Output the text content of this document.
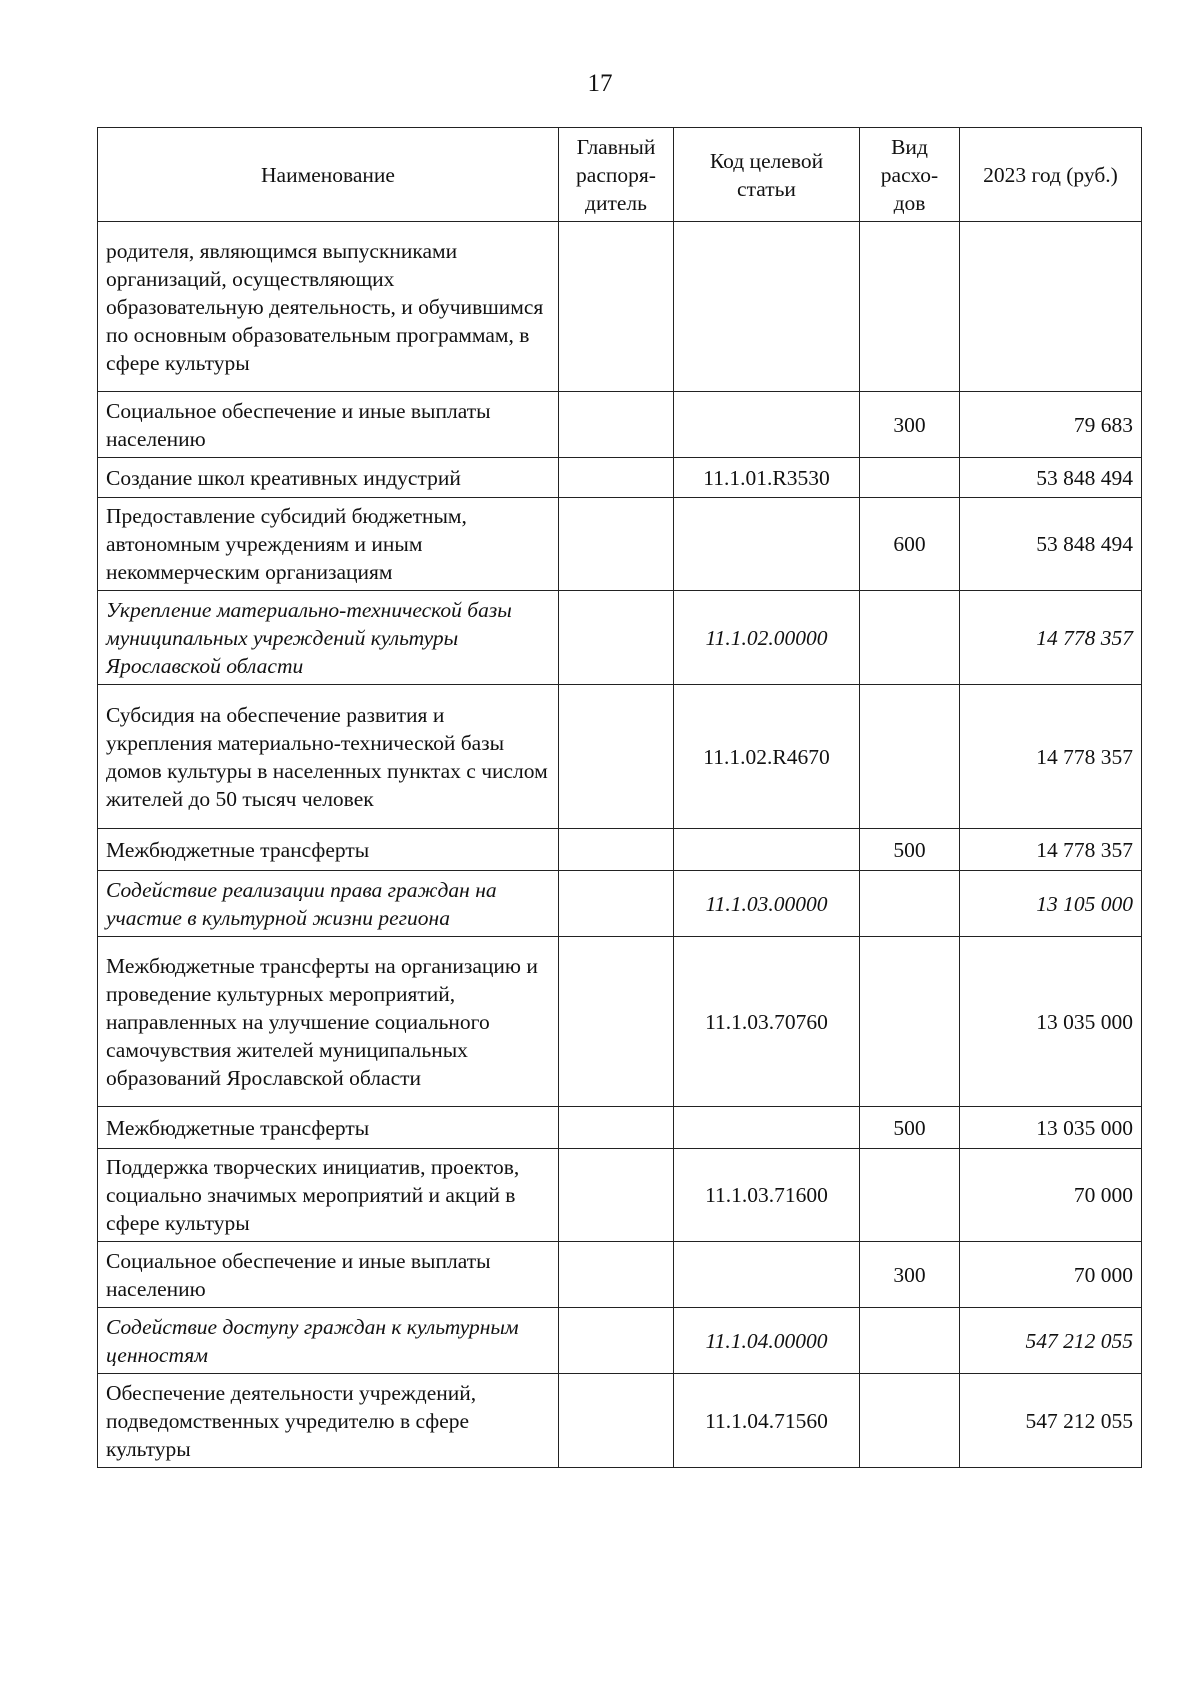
17
Наименование	Главный распоря-дитель	Код целевой статьи	Вид расхо-дов	2023 год (руб.)
родителя, являющимся выпускниками организаций, осуществляющих образовательную деятельность, и обучившимся по основным образовательным программам, в сфере культуры				
Социальное обеспечение и иные выплаты населению			300	79 683
Создание школ креативных индустрий		11.1.01.R3530		53 848 494
Предоставление субсидий бюджетным, автономным учреждениям и иным некоммерческим организациям			600	53 848 494
Укрепление материально-технической базы муниципальных учреждений культуры Ярославской области		11.1.02.00000		14 778 357
Субсидия на обеспечение развития и укрепления материально-технической базы домов культуры в населенных пунктах с числом жителей до 50 тысяч человек		11.1.02.R4670		14 778 357
Межбюджетные трансферты			500	14 778 357
Содействие реализации права граждан на участие в культурной жизни региона		11.1.03.00000		13 105 000
Межбюджетные трансферты на организацию и проведение культурных мероприятий, направленных на улучшение социального самочувствия жителей муниципальных образований Ярославской области		11.1.03.70760		13 035 000
Межбюджетные трансферты			500	13 035 000
Поддержка творческих инициатив, проектов, социально значимых мероприятий и акций в сфере культуры		11.1.03.71600		70 000
Социальное обеспечение и иные выплаты населению			300	70 000
Содействие доступу граждан к культурным ценностям		11.1.04.00000		547 212 055
Обеспечение деятельности учреждений, подведомственных учредителю в сфере культуры		11.1.04.71560		547 212 055
